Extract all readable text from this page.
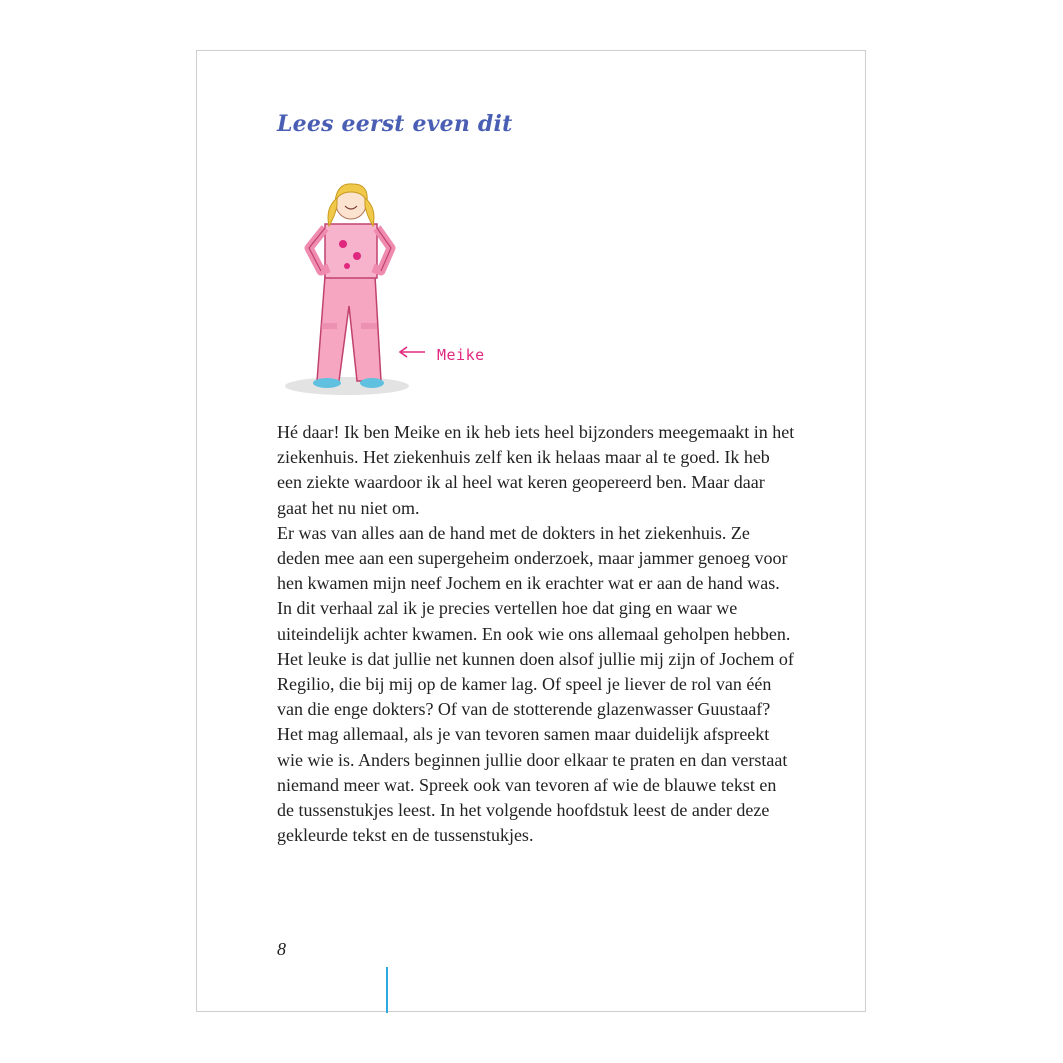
Lees eerst even dit
Meike

Hé daar! Ik ben Meike en ik heb iets heel bijzonders meegemaakt in het ziekenhuis. Het ziekenhuis zelf ken ik helaas maar al te goed. Ik heb een ziekte waardoor ik al heel wat keren geopereerd ben. Maar daar gaat het nu niet om.

Er was van alles aan de hand met de dokters in het ziekenhuis. Ze deden mee aan een supergeheim onderzoek, maar jammer genoeg voor hen kwamen mijn neef Jochem en ik erachter wat er aan de hand was.

In dit verhaal zal ik je precies vertellen hoe dat ging en waar we uiteindelijk achter kwamen. En ook wie ons allemaal geholpen hebben. Het leuke is dat jullie net kunnen doen alsof jullie mij zijn of Jochem of Regilio, die bij mij op de kamer lag. Of speel je liever de rol van één van die enge dokters? Of van de stotterende glazenwasser Guustaaf? Het mag allemaal, als je van tevoren samen maar duidelijk afspreekt wie wie is. Anders beginnen jullie door elkaar te praten en dan verstaat niemand meer wat. Spreek ook van tevoren af wie de blauwe tekst en de tussenstukjes leest. In het volgende hoofdstuk leest de ander deze gekleurde tekst en de tussenstukjes.

8
